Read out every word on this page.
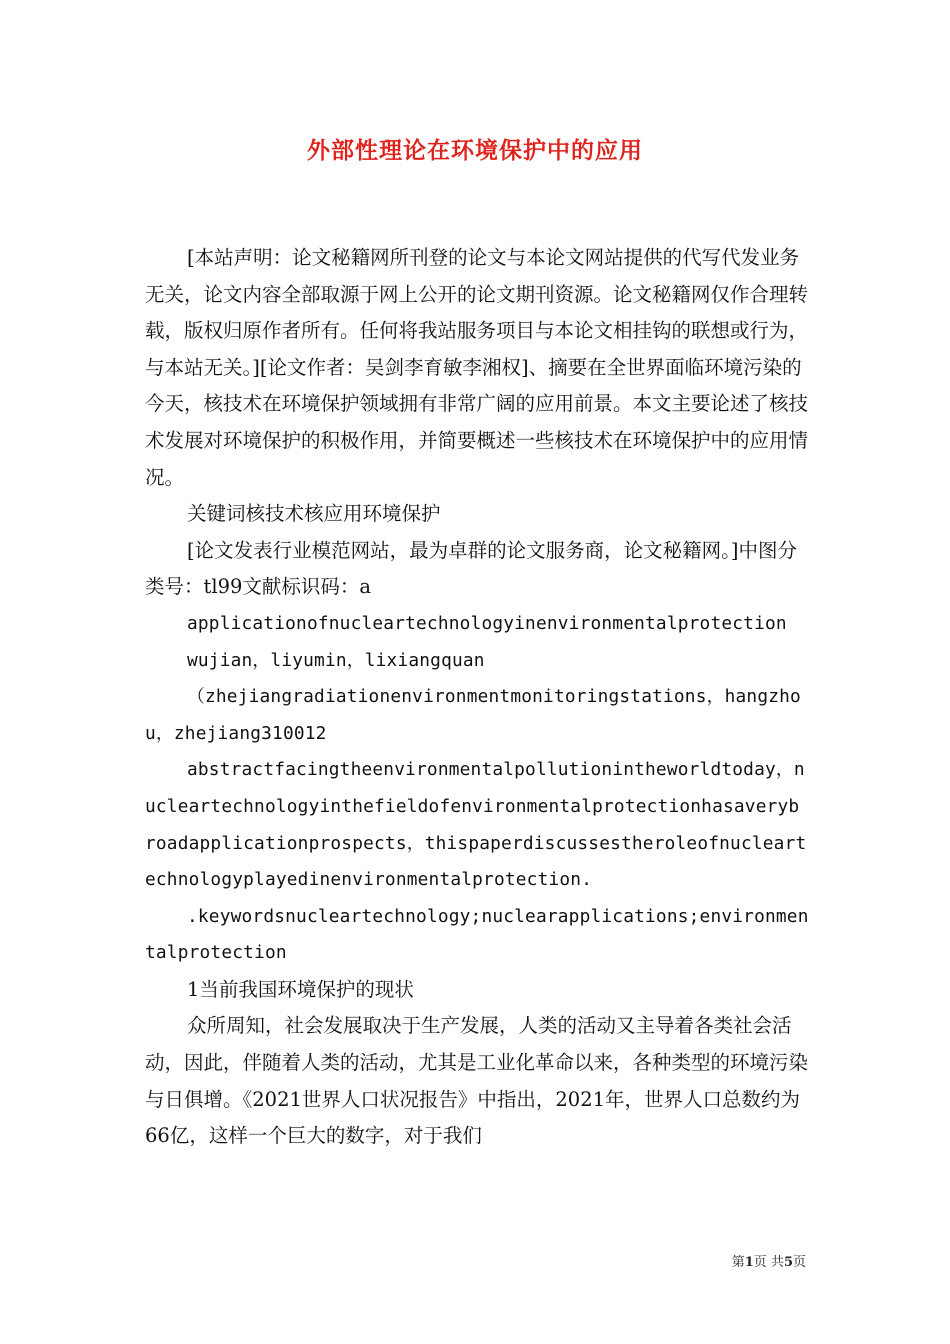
外部性理论在环境保护中的应用

[本站声明：论文秘籍网所刊登的论文与本论文网站提供的代写代发业务无关，论文内容全部取源于网上公开的论文期刊资源。论文秘籍网仅作合理转载，版权归原作者所有。任何将我站服务项目与本论文相挂钩的联想或行为，与本站无关。][论文作者：吴剑李育敏李湘权]、摘要在全世界面临环境污染的今天，核技术在环境保护领域拥有非常广阔的应用前景。本文主要论述了核技术发展对环境保护的积极作用，并简要概述一些核技术在环境保护中的应用情况。

关键词核技术核应用环境保护

[论文发表行业模范网站，最为卓群的论文服务商，论文秘籍网。]中图分类号：tl99文献标识码：a

applicationofnucleartechnologyinenvironmentalprotection

wujian，liyumin，lixiangquan

（zhejiangradiationenvironmentmonitoringstations，hangzhou，zhejiang310012

abstractfacingtheenvironmentalpollutionintheworldtoday，nucleartechnologyinthefieldofenvironmentalprotectionhasaverybroadapplicationprospects，thispaperdiscussestheroleofnucleartechnologyplayedinenvironmentalprotection.

.keywordsnucleartechnology;nuclearapplications;environmentalprotection

1当前我国环境保护的现状

众所周知，社会发展取决于生产发展，人类的活动又主导着各类社会活动，因此，伴随着人类的活动，尤其是工业化革命以来，各种类型的环境污染与日俱增。《2021世界人口状况报告》中指出，2021年，世界人口总数约为66亿，这样一个巨大的数字，对于我们

第1页 共5页
